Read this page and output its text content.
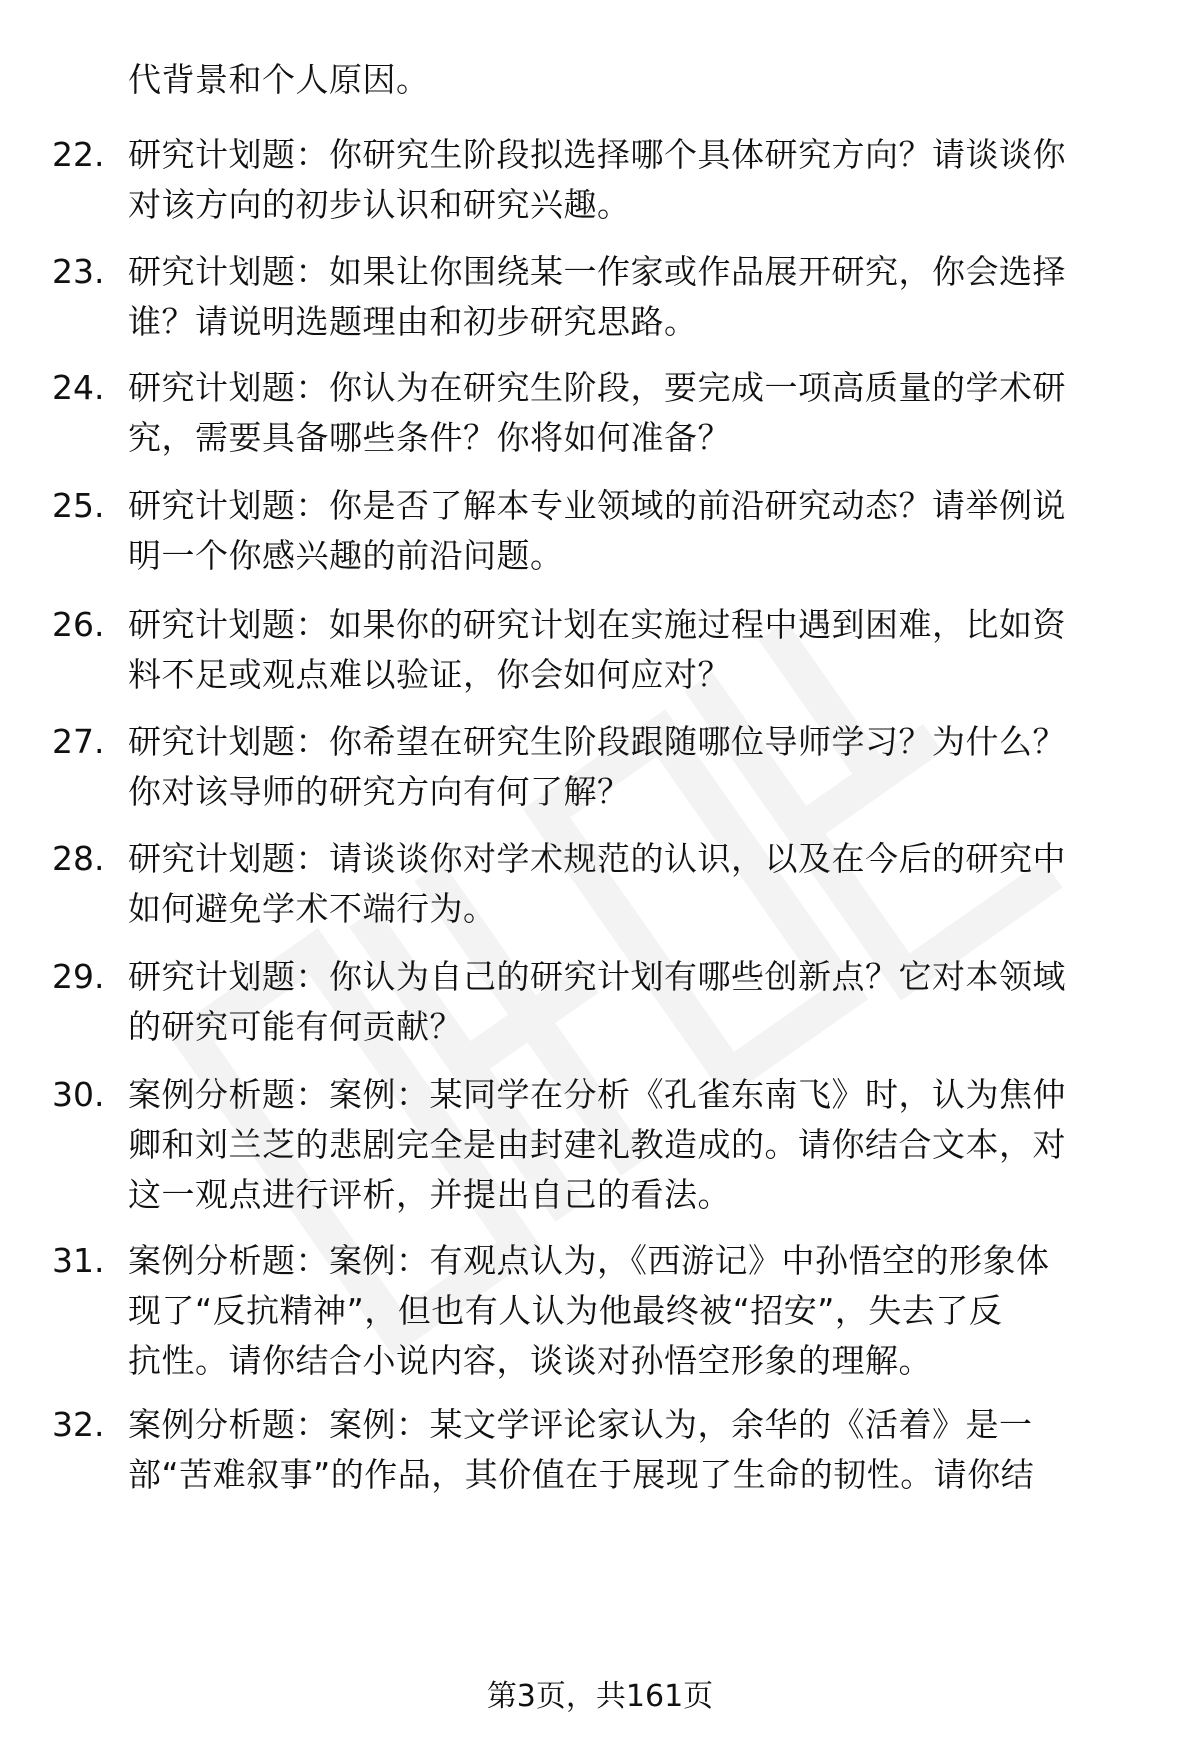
代背景和个人原因。
22. 研究计划题：你研究生阶段拟选择哪个具体研究方向？请谈谈你
对该方向的初步认识和研究兴趣。
23. 研究计划题：如果让你围绕某一作家或作品展开研究，你会选择
谁？请说明选题理由和初步研究思路。
24. 研究计划题：你认为在研究生阶段，要完成一项高质量的学术研
究，需要具备哪些条件？你将如何准备？
25. 研究计划题：你是否了解本专业领域的前沿研究动态？请举例说
明一个你感兴趣的前沿问题。
26. 研究计划题：如果你的研究计划在实施过程中遇到困难，比如资
料不足或观点难以验证，你会如何应对？
27. 研究计划题：你希望在研究生阶段跟随哪位导师学习？为什么？
你对该导师的研究方向有何了解？
28. 研究计划题：请谈谈你对学术规范的认识，以及在今后的研究中
如何避免学术不端行为。
29. 研究计划题：你认为自己的研究计划有哪些创新点？它对本领域
的研究可能有何贡献？
30. 案例分析题：案例：某同学在分析《孔雀东南飞》时，认为焦仲
卿和刘兰芝的悲剧完全是由封建礼教造成的。请你结合文本，对
这一观点进行评析，并提出自己的看法。
31. 案例分析题：案例：有观点认为，《西游记》中孙悟空的形象体
现了“反抗精神”，但也有人认为他最终被“招安”，失去了反
抗性。请你结合小说内容，谈谈对孙悟空形象的理解。
32. 案例分析题：案例：某文学评论家认为，余华的《活着》是一
部“苦难叙事”的作品，其价值在于展现了生命的韧性。请你结
第3页，共161页
